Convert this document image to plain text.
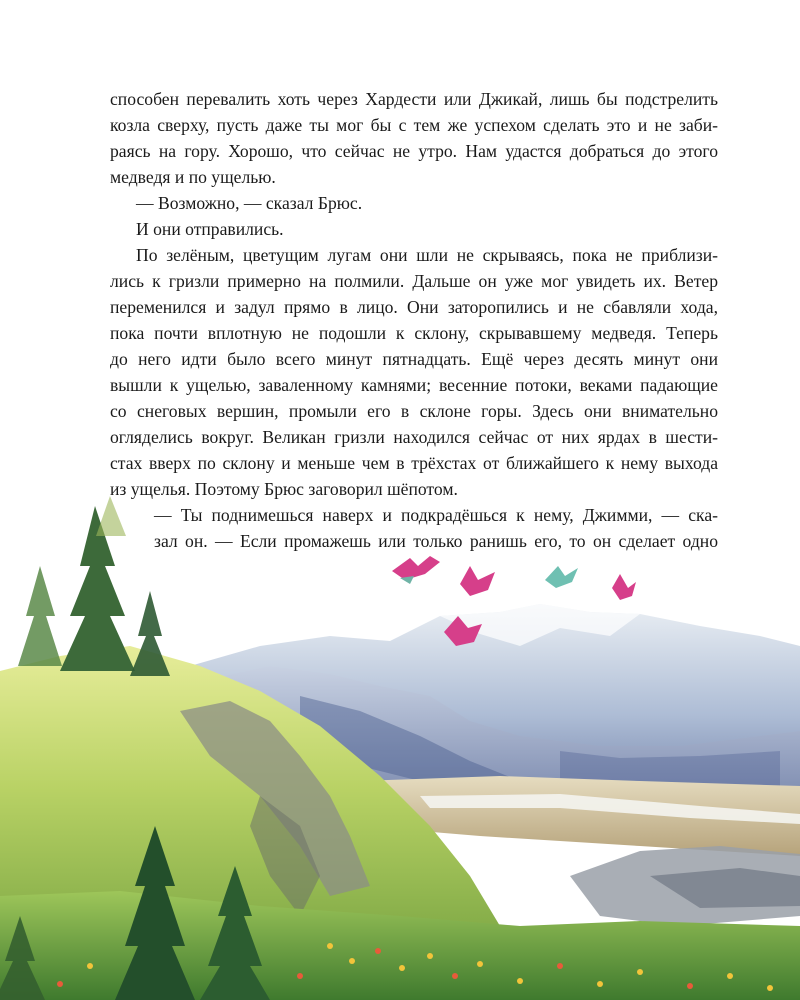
способен перевалить хоть через Хардести или Джикай, лишь бы подстрелить
козла сверху, пусть даже ты мог бы с тем же успехом сделать это и не заби-
раясь на гору. Хорошо, что сейчас не утро. Нам удастся добраться до этого
медведя и по ущелью.
— Возможно, — сказал Брюс.
И они отправились.
По зелёным, цветущим лугам они шли не скрываясь, пока не приблизи-
лись к гризли примерно на полмили. Дальше он уже мог увидеть их. Ветер
переменился и задул прямо в лицо. Они заторопились и не сбавляли хода,
пока почти вплотную не подошли к склону, скрывавшему медведя. Теперь
до него идти было всего минут пятнадцать. Ещё через десять минут они
вышли к ущелью, заваленному камнями; весенние потоки, веками падающие
со снеговых вершин, промыли его в склоне горы. Здесь они внимательно
огляделись вокруг. Великан гризли находился сейчас от них ярдах в шести-
стах вверх по склону и меньше чем в трёхстах от ближайшего к нему выхода
из ущелья. Поэтому Брюс заговорил шёпотом.
— Ты поднимешься наверх и подкрадёшься к нему, Джимми, — ска-
зал он. — Если промажешь или только ранишь его, то он сделает одно
